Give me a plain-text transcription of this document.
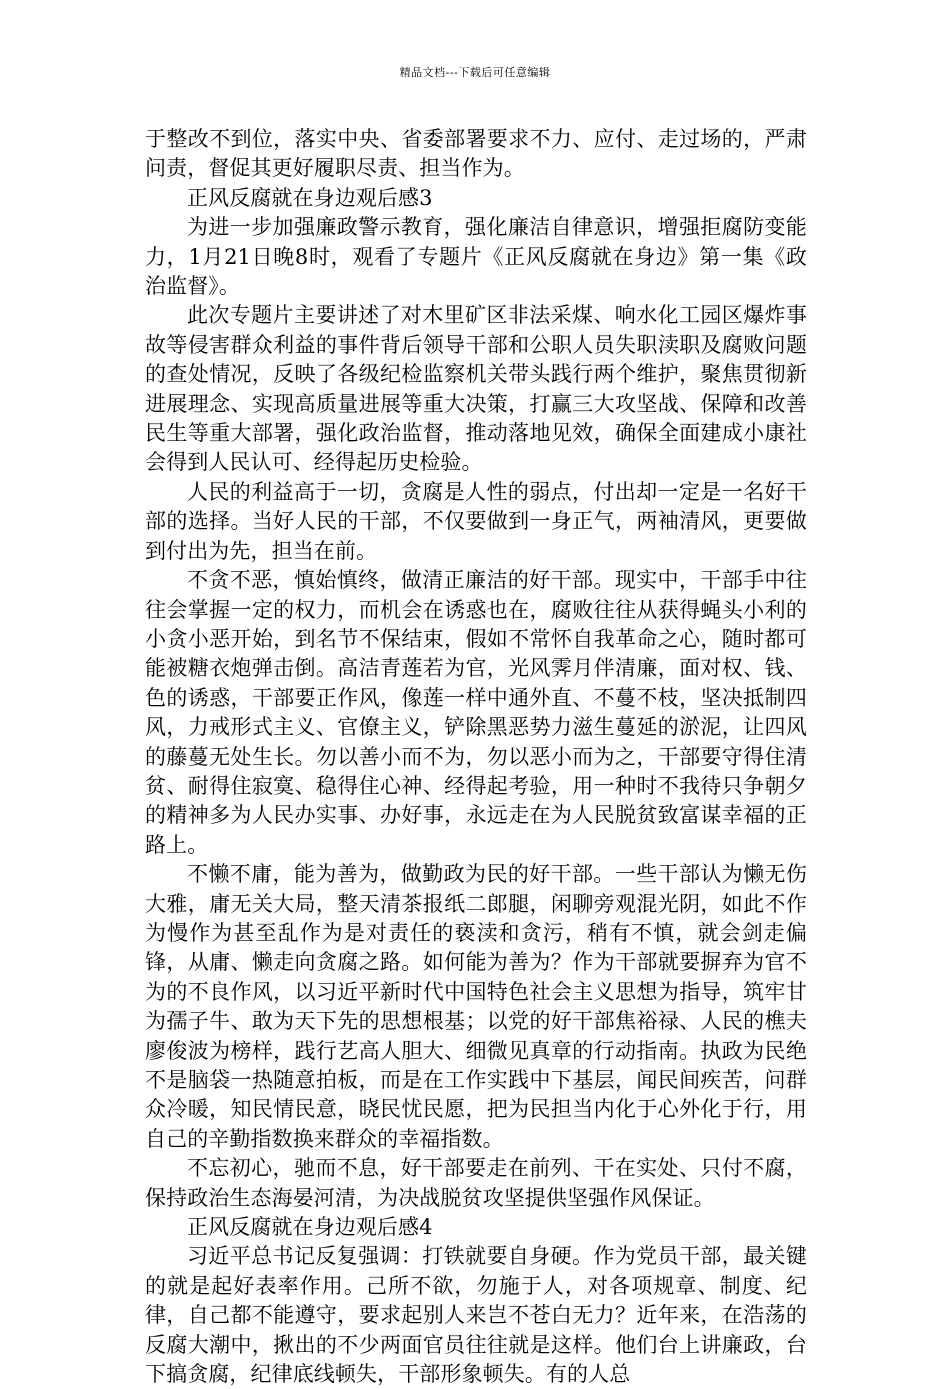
精品文档---下载后可任意编辑

于整改不到位，落实中央、省委部署要求不力、应付、走过场的，严肃问责，督促其更好履职尽责、担当作为。

正风反腐就在身边观后感3

为进一步加强廉政警示教育，强化廉洁自律意识，增强拒腐防变能力，1月21日晚8时，观看了专题片《正风反腐就在身边》第一集《政治监督》。

此次专题片主要讲述了对木里矿区非法采煤、响水化工园区爆炸事故等侵害群众利益的事件背后领导干部和公职人员失职渎职及腐败问题的查处情况，反映了各级纪检监察机关带头践行两个维护，聚焦贯彻新进展理念、实现高质量进展等重大决策，打赢三大攻坚战、保障和改善民生等重大部署，强化政治监督，推动落地见效，确保全面建成小康社会得到人民认可、经得起历史检验。

人民的利益高于一切，贪腐是人性的弱点，付出却一定是一名好干部的选择。当好人民的干部，不仅要做到一身正气，两袖清风，更要做到付出为先，担当在前。

不贪不恶，慎始慎终，做清正廉洁的好干部。现实中，干部手中往往会掌握一定的权力，而机会在诱惑也在，腐败往往从获得蝇头小利的小贪小恶开始，到名节不保结束，假如不常怀自我革命之心，随时都可能被糖衣炮弹击倒。高洁青莲若为官，光风霁月伴清廉，面对权、钱、色的诱惑，干部要正作风，像莲一样中通外直、不蔓不枝，坚决抵制四风，力戒形式主义、官僚主义，铲除黑恶势力滋生蔓延的淤泥，让四风的藤蔓无处生长。勿以善小而不为，勿以恶小而为之，干部要守得住清贫、耐得住寂寞、稳得住心神、经得起考验，用一种时不我待只争朝夕的精神多为人民办实事、办好事，永远走在为人民脱贫致富谋幸福的正路上。

不懒不庸，能为善为，做勤政为民的好干部。一些干部认为懒无伤大雅，庸无关大局，整天清茶报纸二郎腿，闲聊旁观混光阴，如此不作为慢作为甚至乱作为是对责任的亵渎和贪污，稍有不慎，就会剑走偏锋，从庸、懒走向贪腐之路。如何能为善为？作为干部就要摒弃为官不为的不良作风，以习近平新时代中国特色社会主义思想为指导，筑牢甘为孺子牛、敢为天下先的思想根基；以党的好干部焦裕禄、人民的樵夫廖俊波为榜样，践行艺高人胆大、细微见真章的行动指南。执政为民绝不是脑袋一热随意拍板，而是在工作实践中下基层，闻民间疾苦，问群众冷暖，知民情民意，晓民忧民愿，把为民担当内化于心外化于行，用自己的辛勤指数换来群众的幸福指数。

不忘初心，驰而不息，好干部要走在前列、干在实处、只付不腐，保持政治生态海晏河清，为决战脱贫攻坚提供坚强作风保证。

正风反腐就在身边观后感4

习近平总书记反复强调：打铁就要自身硬。作为党员干部，最关键的就是起好表率作用。己所不欲，勿施于人，对各项规章、制度、纪律，自己都不能遵守，要求起别人来岂不苍白无力？近年来，在浩荡的反腐大潮中，揪出的不少两面官员往往就是这样。他们台上讲廉政，台下搞贪腐，纪律底线顿失，干部形象顿失。有的人总
